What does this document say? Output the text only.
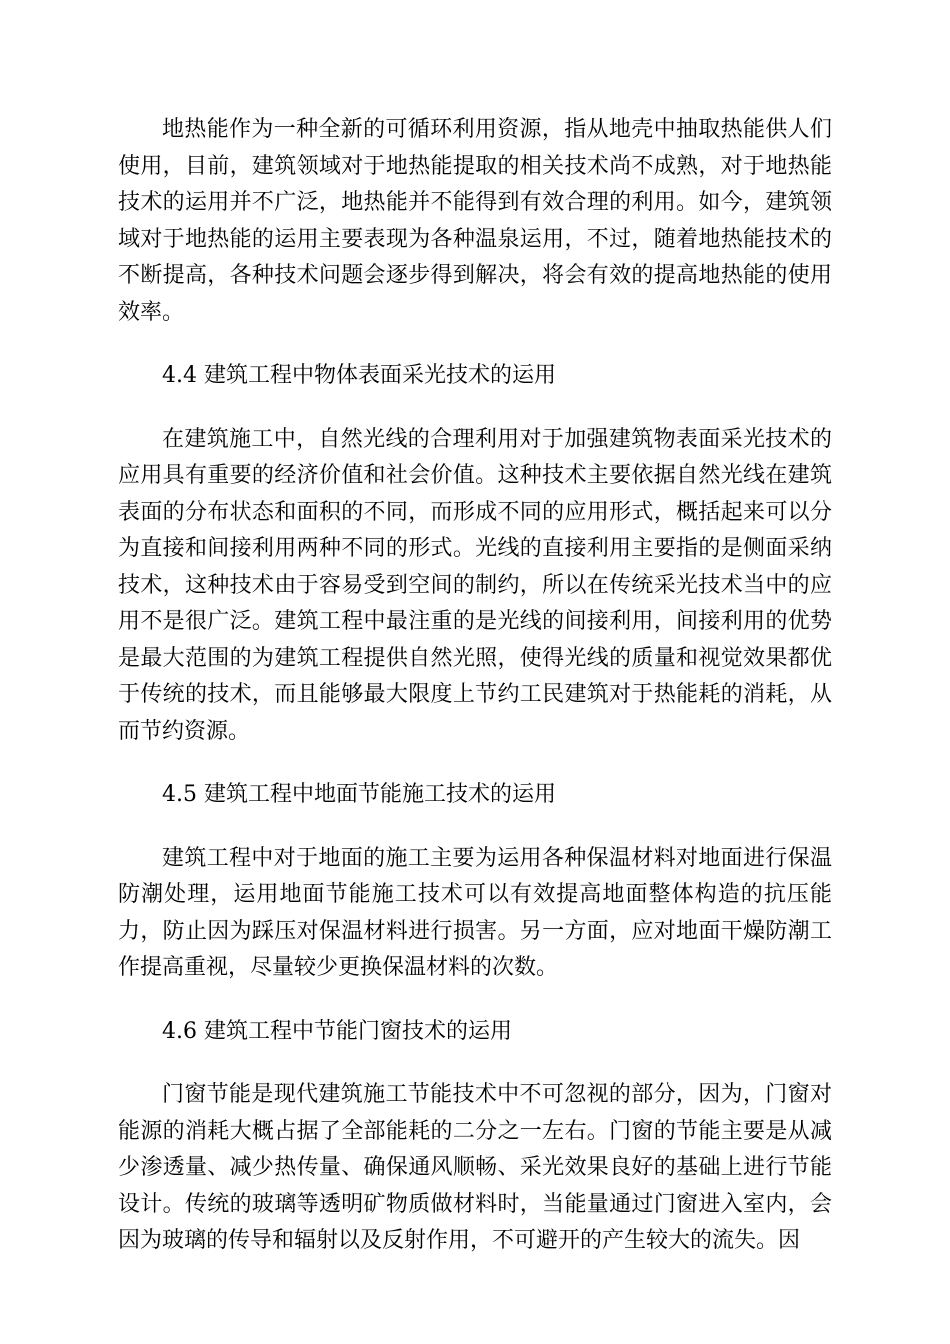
地热能作为一种全新的可循环利用资源，指从地壳中抽取热能供人们使用，目前，建筑领域对于地热能提取的相关技术尚不成熟，对于地热能技术的运用并不广泛，地热能并不能得到有效合理的利用。如今，建筑领域对于地热能的运用主要表现为各种温泉运用，不过，随着地热能技术的不断提高，各种技术问题会逐步得到解决，将会有效的提高地热能的使用效率。

4.4 建筑工程中物体表面采光技术的运用

在建筑施工中，自然光线的合理利用对于加强建筑物表面采光技术的应用具有重要的经济价值和社会价值。这种技术主要依据自然光线在建筑表面的分布状态和面积的不同，而形成不同的应用形式，概括起来可以分为直接和间接利用两种不同的形式。光线的直接利用主要指的是侧面采纳技术，这种技术由于容易受到空间的制约，所以在传统采光技术当中的应用不是很广泛。建筑工程中最注重的是光线的间接利用，间接利用的优势是最大范围的为建筑工程提供自然光照，使得光线的质量和视觉效果都优于传统的技术，而且能够最大限度上节约工民建筑对于热能耗的消耗，从而节约资源。

4.5 建筑工程中地面节能施工技术的运用

建筑工程中对于地面的施工主要为运用各种保温材料对地面进行保温防潮处理，运用地面节能施工技术可以有效提高地面整体构造的抗压能力，防止因为踩压对保温材料进行损害。另一方面，应对地面干燥防潮工作提高重视，尽量较少更换保温材料的次数。

4.6 建筑工程中节能门窗技术的运用

门窗节能是现代建筑施工节能技术中不可忽视的部分，因为，门窗对能源的消耗大概占据了全部能耗的二分之一左右。门窗的节能主要是从减少渗透量、减少热传量、确保通风顺畅、采光效果良好的基础上进行节能设计。传统的玻璃等透明矿物质做材料时，当能量通过门窗进入室内，会因为玻璃的传导和辐射以及反射作用，不可避开的产生较大的流失。因
